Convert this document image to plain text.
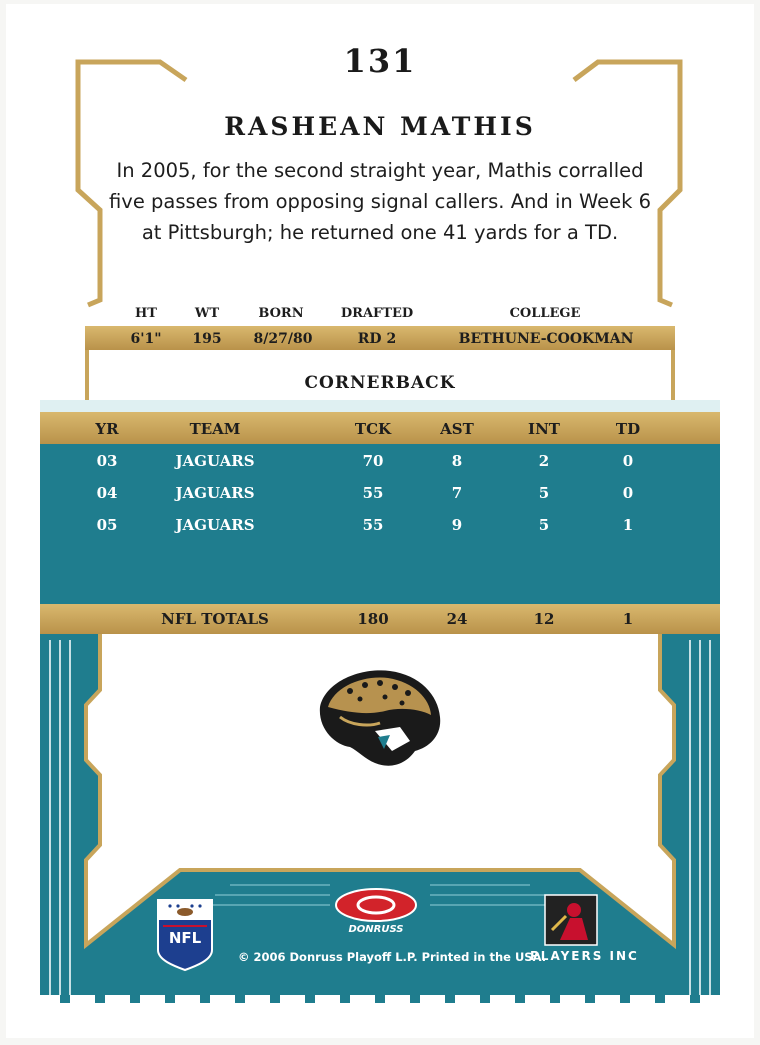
131
RASHEAN MATHIS
In 2005, for the second straight year, Mathis corralled five passes from opposing signal callers. And in Week 6 at Pittsburgh; he returned one 41 yards for a TD.
HT	WT	BORN	DRAFTED	COLLEGE
6'1"	195	8/27/80	RD 2	BETHUNE-COOKMAN
CORNERBACK
YR	TEAM	TCK	AST	INT	TD
03	JAGUARS	70	8	2	0
04	JAGUARS	55	7	5	0
05	JAGUARS	55	9	5	1
NFL TOTALS	180	24	12	1
NFL	DONRUSS
© 2006 Donruss Playoff L.P. Printed in the USA.
PLAYERS INC
